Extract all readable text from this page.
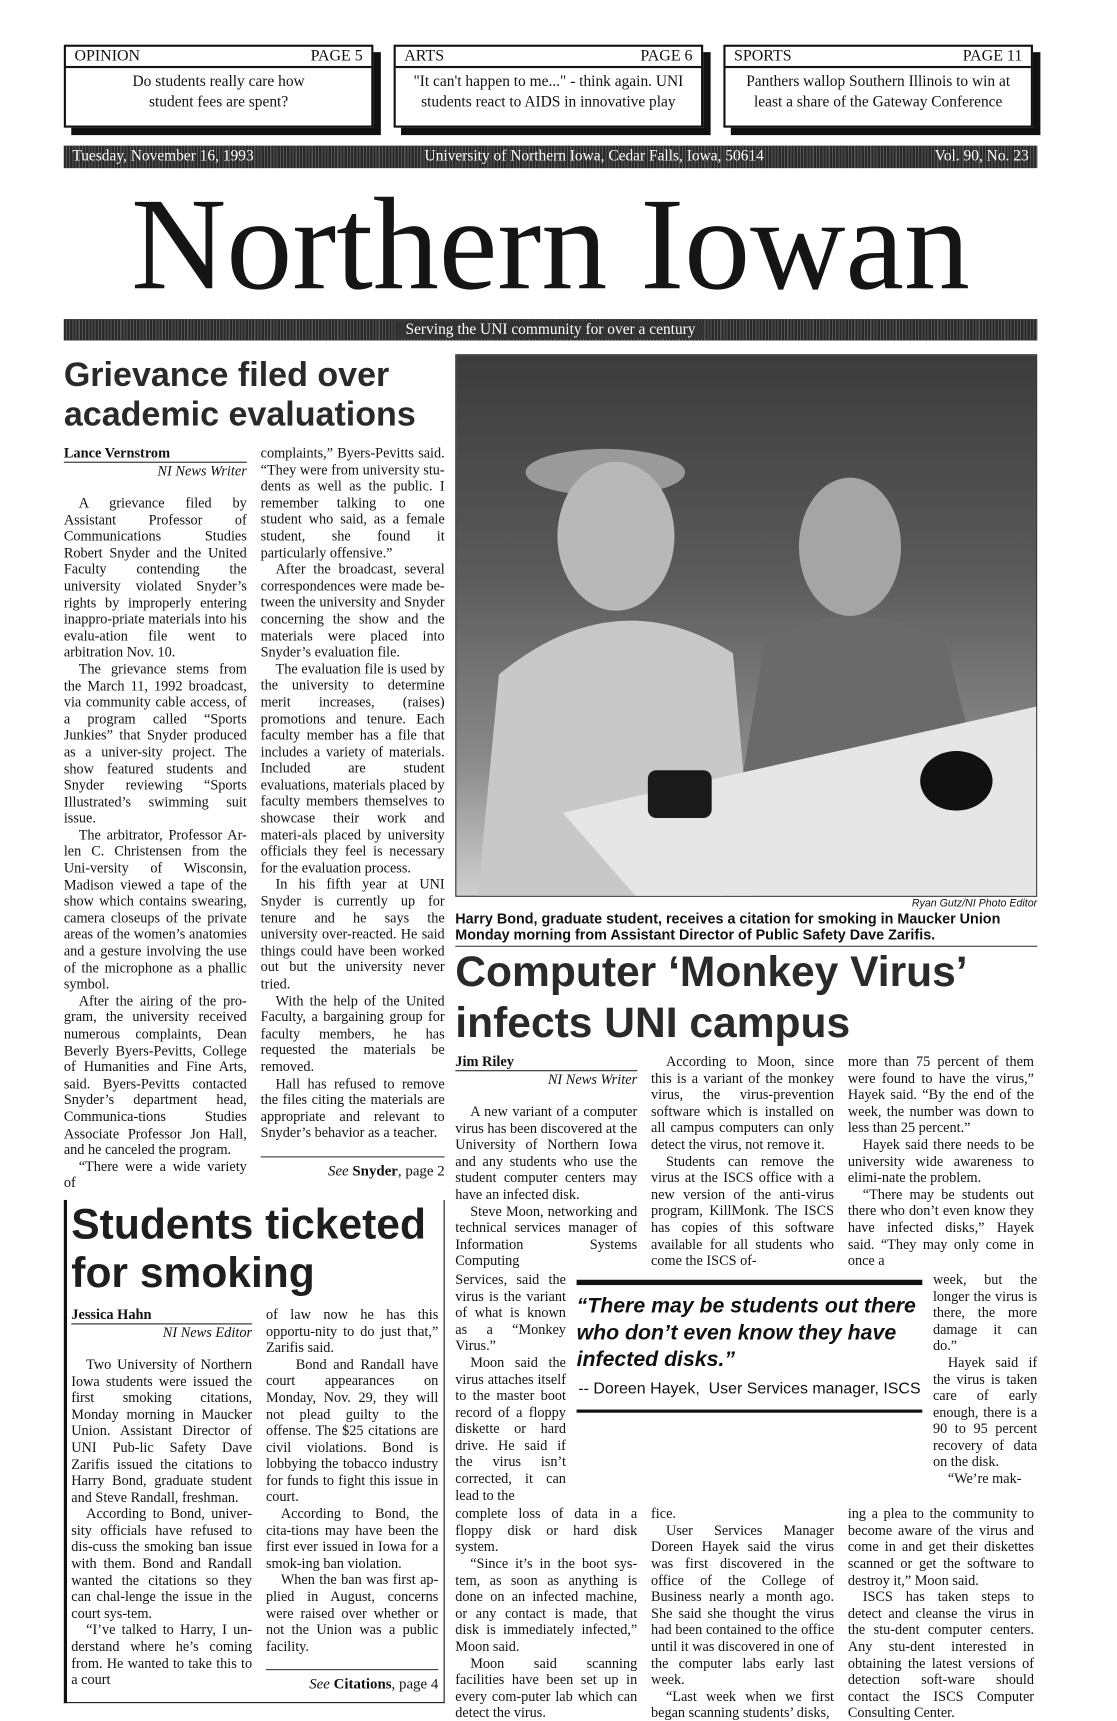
OPINION	PAGE 5
Do students really care how student fees are spent?
ARTS	PAGE 6
"It can't happen to me..." - think again. UNI students react to AIDS in innovative play
SPORTS	PAGE 11
Panthers wallop Southern Illinois to win at least a share of the Gateway Conference
Tuesday, November 16, 1993	University of Northern Iowa, Cedar Falls, Iowa, 50614	Vol. 90, No. 23
Northern Iowan
Serving the UNI community for over a century
Grievance filed over academic evaluations
Lance Vernstrom
NI News Writer

A grievance filed by Assistant Professor of Communications Studies Robert Snyder and the United Faculty contending the university violated Snyder’s rights by improperly entering inappro-priate materials into his evalu-ation file went to arbitration Nov. 10.

The grievance stems from the March 11, 1992 broadcast, via community cable access, of a program called “Sports Junkies” that Snyder produced as a univer-sity project. The show featured students and Snyder reviewing “Sports Illustrated’s swimming suit issue.

The arbitrator, Professor Ar-len C. Christensen from the Uni-versity of Wisconsin, Madison viewed a tape of the show which contains swearing, camera closeups of the private areas of the women’s anatomies and a gesture involving the use of the microphone as a phallic symbol.

After the airing of the pro-gram, the university received numerous complaints, Dean Beverly Byers-Pevitts, College of Humanities and Fine Arts, said. Byers-Pevitts contacted Snyder’s department head, Communica-tions Studies Associate Professor Jon Hall, and he canceled the program.

“There were a wide variety of

complaints,” Byers-Pevitts said. “They were from university stu-dents as well as the public. I remember talking to one student who said, as a female student, she found it particularly offensive.”

After the broadcast, several correspondences were made be-tween the university and Snyder concerning the show and the materials were placed into Snyder’s evaluation file.

The evaluation file is used by the university to determine merit increases, (raises) promotions and tenure. Each faculty member has a file that includes a variety of materials. Included are student evaluations, materials placed by faculty members themselves to showcase their work and materi-als placed by university officials they feel is necessary for the evaluation process.

In his fifth year at UNI Snyder is currently up for tenure and he says the university over-reacted. He said things could have been worked out but the university never tried.

With the help of the United Faculty, a bargaining group for faculty members, he has requested the materials be removed.

Hall has refused to remove the files citing the materials are appropriate and relevant to Snyder’s behavior as a teacher.

See Snyder, page 2
Students ticketed
for smoking
Jessica Hahn
NI News Editor

Two University of Northern Iowa students were issued the first smoking citations, Monday morning in Maucker Union. Assistant Director of UNI Pub-lic Safety Dave Zarifis issued the citations to Harry Bond, graduate student and Steve Randall, freshman.

According to Bond, univer-sity officials have refused to dis-cuss the smoking ban issue with them. Bond and Randall wanted the citations so they can chal-lenge the issue in the court sys-tem.

“I’ve talked to Harry, I un-derstand where he’s coming from. He wanted to take this to a court

of law now he has this opportu-nity to do just that,” Zarifis said.

Bond and Randall have court appearances on Monday, Nov. 29, they will not plead guilty to the offense. The $25 citations are civil violations. Bond is lobbying the tobacco industry for funds to fight this issue in court.

According to Bond, the cita-tions may have been the first ever issued in Iowa for a smok-ing ban violation.

When the ban was first ap-plied in August, concerns were raised over whether or not the Union was a public facility.

See Citations, page 4
Ryan Gutz/NI Photo Editor
Harry Bond, graduate student, receives a citation for smoking in Maucker Union Monday morning from Assistant Director of Public Safety Dave Zarifis.
Computer ‘Monkey Virus’
infects UNI campus
Jim Riley
NI News Writer

A new variant of a computer virus has been discovered at the University of Northern Iowa and any students who use the student computer centers may have an infected disk.

Steve Moon, networking and technical services manager of Information Systems Computing

According to Moon, since this is a variant of the monkey virus, the virus-prevention software which is installed on all campus computers can only detect the virus, not remove it.

Students can remove the virus at the ISCS office with a new version of the anti-virus program, KillMonk. The ISCS has copies of this software available for all students who come the ISCS of-

more than 75 percent of them were found to have the virus,” Hayek said. “By the end of the week, the number was down to less than 25 percent.”

Hayek said there needs to be university wide awareness to elimi-nate the problem.

“There may be students out there who don’t even know they have infected disks,” Hayek said. “They may only come in once a

Services, said the virus is the variant of what is known as a “Monkey Virus.”

Moon said the virus attaches itself to the master boot record of a floppy diskette or hard drive. He said if the virus isn’t corrected, it can lead to the

“There may be students out there who don’t even know they have infected disks.”
-- Doreen Hayek,  User Services manager, ISCS

week, but the longer the virus is there, the more damage it can do.”

Hayek said if the virus is taken care of early enough, there is a 90 to 95 percent recovery of data on the disk.

“We’re mak-

complete loss of data in a floppy disk or hard disk system.

“Since it’s in the boot sys-tem, as soon as anything is done on an infected machine, or any contact is made, that disk is immediately infected,” Moon said.

Moon said scanning facilities have been set up in every com-puter lab which can detect the virus.

fice.

User Services Manager Doreen Hayek said the virus was first discovered in the office of the College of Business nearly a month ago. She said she thought the virus had been contained to the office until it was discovered in one of the computer labs early last week.

“Last week when we first began scanning students’ disks,

ing a plea to the community to become aware of the virus and come in and get their diskettes scanned or get the software to destroy it,” Moon said.

ISCS has taken steps to detect and cleanse the virus in the stu-dent computer centers. Any stu-dent interested in obtaining the latest versions of detection soft-ware should contact the ISCS Computer Consulting Center.
